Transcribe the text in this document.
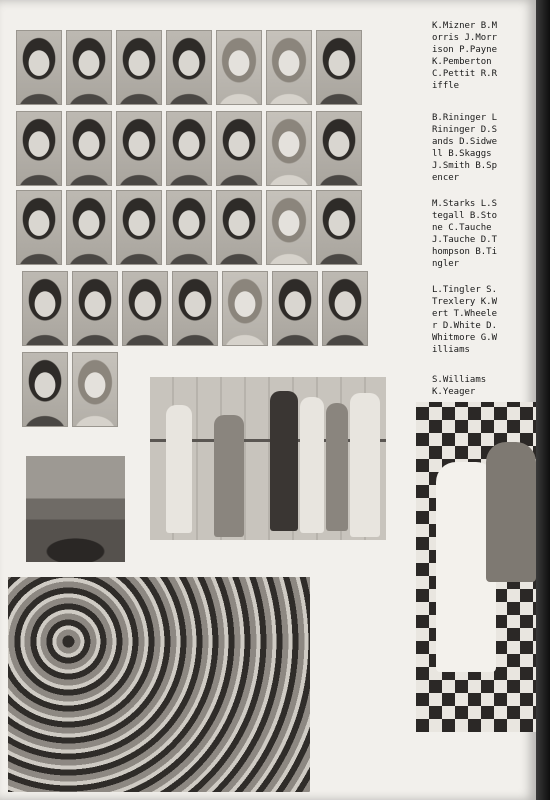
K.Mizner B.M
orris J.Morr
ison P.Payne
K.Pemberton
C.Pettit R.R
iffle
B.Rininger L
Rininger D.S
ands D.Sidwe
ll B.Skaggs
J.Smith B.Sp
encer
M.Starks L.S
tegall B.Sto
ne C.Tauche
J.Tauche D.T
hompson B.Ti
ngler
L.Tingler S.
Trexlery K.W
ert T.Wheele
r D.White D.
Whitmore G.W
illiams
S.Williams
K.Yeager
